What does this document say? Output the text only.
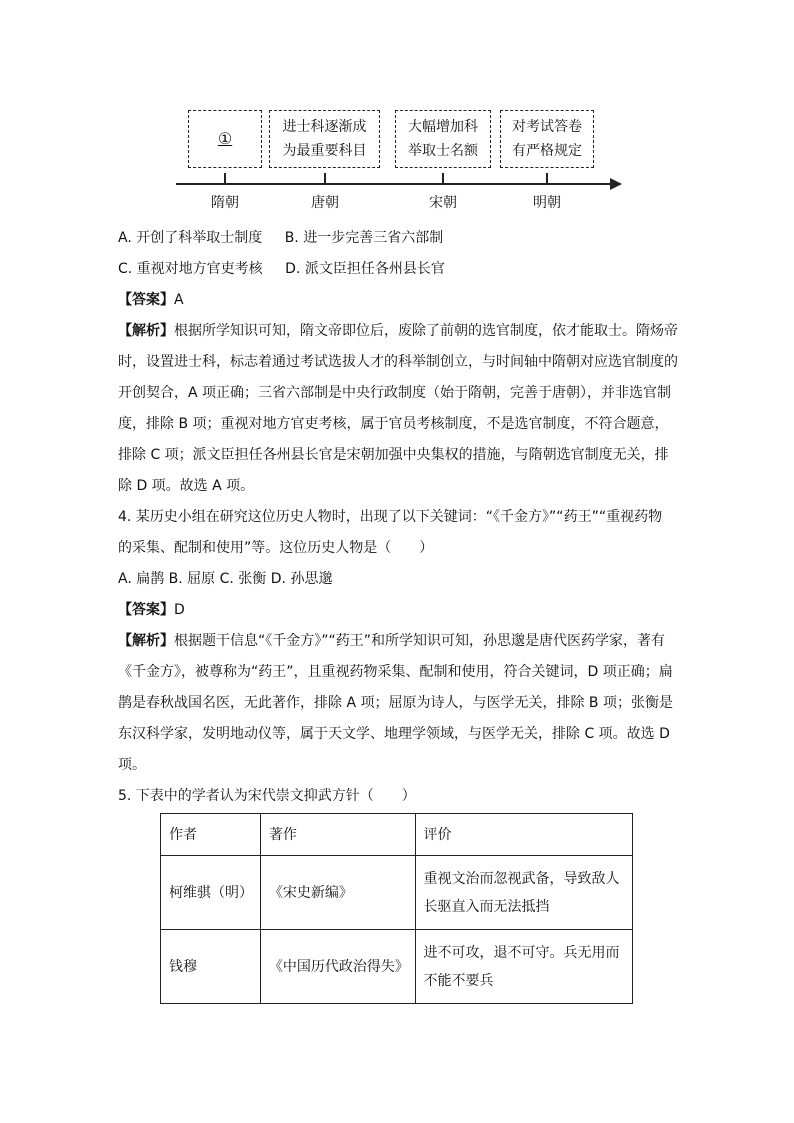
①
进士科逐渐成
为最重要科目
大幅增加科
举取士名额
对考试答卷
有严格规定
隋朝	唐朝	宋朝	明朝
A. 开创了科举取士制度 B. 进一步完善三省六部制
C. 重视对地方官吏考核 D. 派文臣担任各州县长官
【答案】A
【解析】根据所学知识可知，隋文帝即位后，废除了前朝的选官制度，依才能取士。隋炀帝
时，设置进士科，标志着通过考试选拔人才的科举制创立，与时间轴中隋朝对应选官制度的
开创契合，A 项正确；三省六部制是中央行政制度（始于隋朝，完善于唐朝），并非选官制
度，排除 B 项；重视对地方官吏考核，属于官员考核制度，不是选官制度，不符合题意，
排除 C 项；派文臣担任各州县长官是宋朝加强中央集权的措施，与隋朝选官制度无关，排
除 D 项。故选 A 项。
4. 某历史小组在研究这位历史人物时，出现了以下关键词：“《千金方》”“药王”“重视药物
的采集、配制和使用”等。这位历史人物是（　　）
A. 扁鹊 B. 屈原 C. 张衡 D. 孙思邈
【答案】D
【解析】根据题干信息“《千金方》”“药王”和所学知识可知，孙思邈是唐代医药学家，著有
《千金方》，被尊称为“药王”，且重视药物采集、配制和使用，符合关键词，D 项正确；扁
鹊是春秋战国名医，无此著作，排除 A 项；屈原为诗人，与医学无关，排除 B 项；张衡是
东汉科学家，发明地动仪等，属于天文学、地理学领域，与医学无关，排除 C 项。故选 D
项。
5. 下表中的学者认为宋代崇文抑武方针（　　）
作者	著作	评价
柯维骐（明）	《宋史新编》	重视文治而忽视武备，导致敌人长驱直入而无法抵挡
钱穆	《中国历代政治得失》	进不可攻，退不可守。兵无用而不能不要兵
